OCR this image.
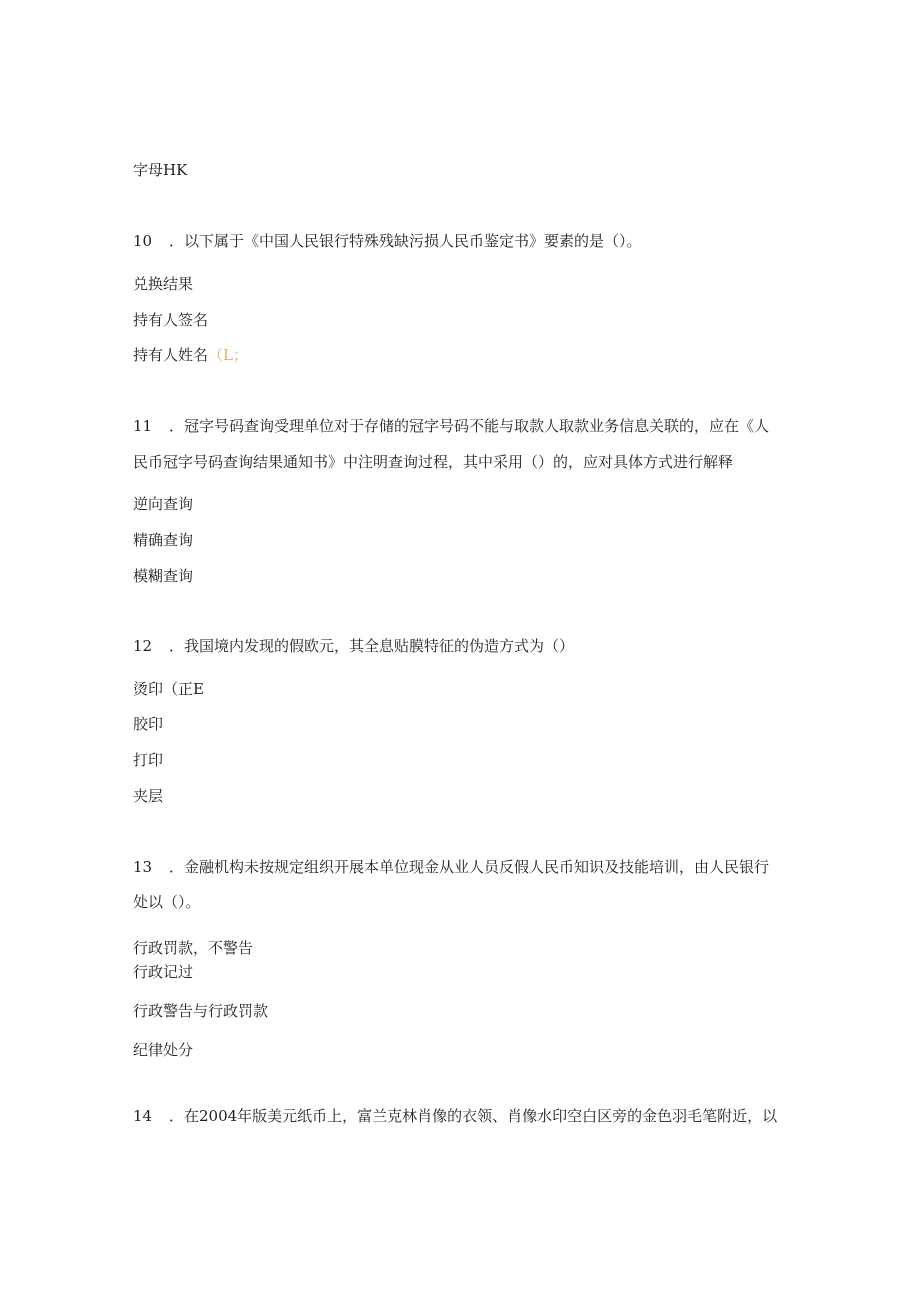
字母HK
10 ．以下属于《中国人民银行特殊残缺污损人民币鉴定书》要素的是（）。
兑换结果
持有人签名
持有人姓名（L；
11 ．冠字号码查询受理单位对于存储的冠字号码不能与取款人取款业务信息关联的，应在《人
民币冠字号码查询结果通知书》中注明查询过程，其中采用（）的，应对具体方式进行解释
逆向查询
精确查询
模糊查询
12 ．我国境内发现的假欧元，其全息贴膜特征的伪造方式为（）
烫印（正E
胶印
打印
夹层
13 ．金融机构未按规定组织开展本单位现金从业人员反假人民币知识及技能培训，由人民银行
处以（）。
行政罚款，不警告
行政记过
行政警告与行政罚款
纪律处分
14 ．在2004年版美元纸币上，富兰克林肖像的衣领、肖像水印空白区旁的金色羽毛笔附近，以
